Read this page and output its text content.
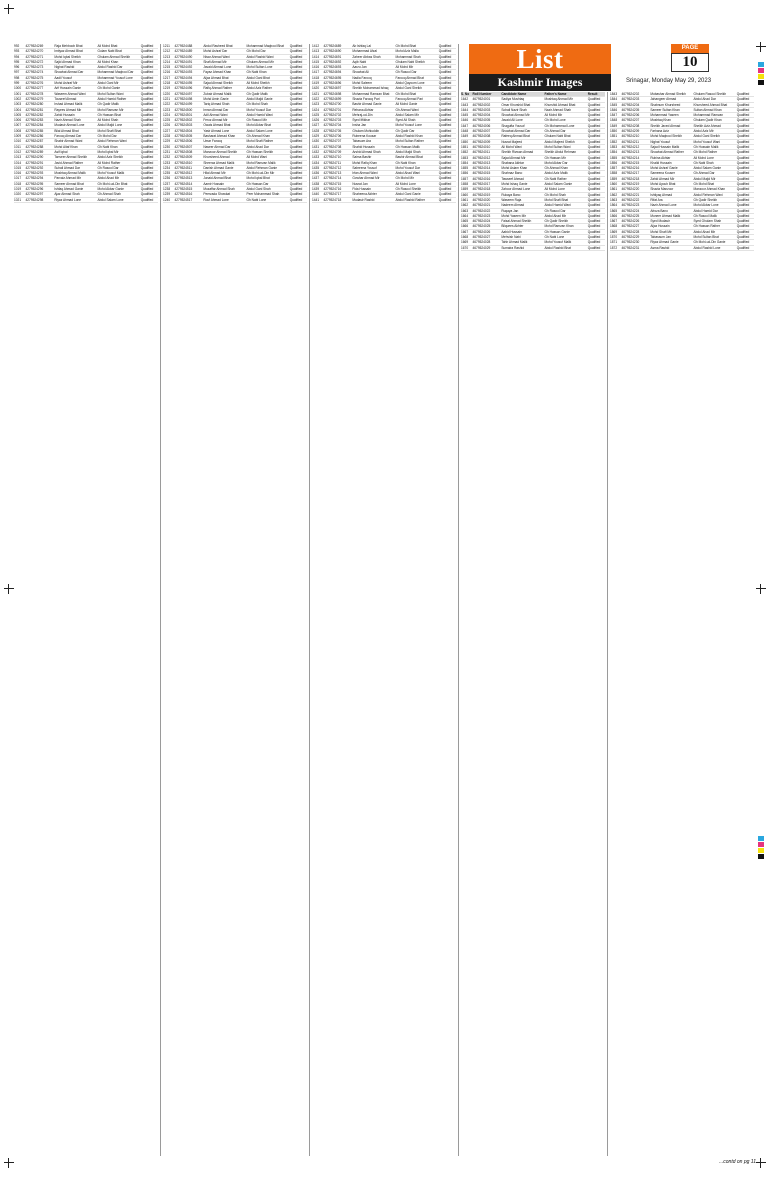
List
Kashmir Images
PAGE
10
Srinagar, Monday May 29, 2023
992	4279524269	Raja Mehboob Bhat	Ali Mohd Bhat	Qualified
993	4279524270	Imtiyaz Ahmad Bhat	Gulam Nabi Bhat	Qualified
994	4279524271	Mohd Iqbal Sheikh	Ghulam Ahmad Sheikh	Qualified
995	4279524272	Sajid Ahmad Khan	Ali Mohd Khan	Qualified
996	4279524273	Nighat Rashid	Abdul Rashid Dar	Qualified
997	4279524274	Showkat Ahmad Dar	Mohammad Maqbool Dar	Qualified
998	4279524275	Aadil Yousuf	Mohammad Yousuf Lone	Qualified
999	4279524276	Mohd Ashraf Mir	Abdul Gani Mir	Qualified
1000	4279524277	Arif Hussain Ganie	Gh Mohd Ganie	Qualified
1001	4279524278	Waseem Ahmad Wani	Mohd Sultan Wani	Qualified
1002	4279524279	Touseef Ahmad	Abdul Hamid Rather	Qualified
1003	4279524280	Irshad Ahmad Malik	Gh Qadir Malik	Qualified
1004	4279524281	Rayees Ahmad Mir	Mohd Ramzan Mir	Qualified
1005	4279524282	Zahid Hussain	Gh Hassan Bhat	Qualified
1006	4279524283	Nazir Ahmad Shah	Ali Mohd Shah	Qualified
1007	4279524284	Mudasir Ahmad Lone	Abdul Majid Lone	Qualified
1008	4279524285	Bilal Ahmad Bhat	Mohd Shafi Bhat	Qualified
1009	4279524286	Farooq Ahmad Dar	Gh Mohd Dar	Qualified
1010	4279524287	Shabir Ahmad Wani	Abdul Rehman Wani	Qualified
1011	4279524288	Mohd Altaf Khan	Gh Nabi Khan	Qualified
1012	4279524289	Asif Iqbal	Mohd Iqbal Mir	Qualified
1013	4279524290	Tanveer Ahmad Sheikh	Abdul Aziz Sheikh	Qualified
1014	4279524291	Javid Ahmad Rather	Ali Mohd Rather	Qualified
1015	4279524292	Suhail Ahmad Dar	Gh Rasool Dar	Qualified
1016	4279524293	Mushtaq Ahmad Malik	Mohd Yousuf Malik	Qualified
1017	4279524294	Parvaiz Ahmad Mir	Abdul Ahad Mir	Qualified
1018	4279524295	Sameer Ahmad Bhat	Gh Mohi-ud-Din Bhat	Qualified
1019	4279524296	Ishfaq Ahmad Ganie	Mohd Akbar Ganie	Qualified
1020	4279524297	Ajaz Ahmad Shah	Gh Ahmad Shah	Qualified
1021	4279524298	Riyaz Ahmad Lone	Abdul Salam Lone	Qualified
1211	4279524488	Abdul Rasheed Bhat	Mohammad Maqbool Bhat	Qualified
1212	4279524489	Mohd Ashraf Dar	Gh Mohd Dar	Qualified
1213	4279524490	Nisar Ahmad Wani	Abdul Rashid Wani	Qualified
1214	4279524491	Shafi Ahmad Mir	Ghulam Ahmad Mir	Qualified
1215	4279524492	Javaid Ahmad Lone	Mohd Sultan Lone	Qualified
1216	4279524493	Fayaz Ahmad Khan	Gh Nabi Khan	Qualified
1217	4279524494	Aijaz Ahmad Bhat	Abdul Gani Bhat	Qualified
1218	4279524495	Sajad Ahmad Sheikh	Ali Mohd Sheikh	Qualified
1219	4279524496	Rafiq Ahmad Rather	Abdul Aziz Rather	Qualified
1220	4279524497	Zubair Ahmad Malik	Gh Qadir Malik	Qualified
1221	4279524498	Mohd Amin Ganie	Abdul Majid Ganie	Qualified
1222	4279524499	Tariq Ahmad Shah	Gh Mohd Shah	Qualified
1223	4279524500	Imran Ahmad Dar	Mohd Yousuf Dar	Qualified
1224	4279524501	Adil Ahmad Wani	Abdul Hamid Wani	Qualified
1225	4279524502	Feroz Ahmad Mir	Gh Rasool Mir	Qualified
1226	4279524503	Owais Ahmad Bhat	Mohd Akbar Bhat	Qualified
1227	4279524504	Yasir Ahmad Lone	Abdul Salam Lone	Qualified
1228	4279524505	Basharat Ahmad Khan	Gh Ahmad Khan	Qualified
1229	4279524506	Umar Farooq	Mohd Shafi Rather	Qualified
1230	4279524507	Naseer Ahmad Dar	Abdul Ahad Dar	Qualified
1231	4279524508	Manzoor Ahmad Sheikh	Gh Hassan Sheikh	Qualified
1232	4279524509	Khursheed Ahmad	Ali Mohd Wani	Qualified
1233	4279524510	Sheeraz Ahmad Malik	Mohd Ramzan Malik	Qualified
1234	4279524511	Danish Ahmad Ganie	Abdul Rehman Ganie	Qualified
1235	4279524512	Hilal Ahmad Mir	Gh Mohi-ud-Din Mir	Qualified
1236	4279524513	Junaid Ahmad Bhat	Mohd Iqbal Bhat	Qualified
1237	4279524514	Aamir Hussain	Gh Hassan Dar	Qualified
1238	4279524515	Muzaffar Ahmad Shah	Abdul Gani Shah	Qualified
1239	4279524516	Peerzada Showkat	Peer Mohammad Shah	Qualified
1240	4279524517	Rouf Ahmad Lone	Gh Nabi Lone	Qualified
1412	4279524689	Ab Ishfaq Lal	Gh Mohd Bhat	Qualified
1413	4279524690	Mohammad Afzal	Mohd Aziz Malla	Qualified
1414	4279524691	Zaheer Abbas Shah	Mohammad Shah	Qualified
1415	4279524692	Aqib Nabi	Ghulam Nabi Sheikh	Qualified
1416	4279524693	Aarzu Jan	Ali Mohd Mir	Qualified
1417	4279524694	Showkat Ali	Gh Rasool Dar	Qualified
1418	4279524695	Nadia Farooq	Farooq Ahmad Bhat	Qualified
1419	4279524696	Mohd Saleem	Abdul Qayoom Lone	Qualified
1420	4279524697	Sheikh Mohammad Ishaq	Abdul Gani Sheikh	Qualified
1421	4279524698	Mohammad Ramzan Bhat	Gh Mohd Bhat	Qualified
1422	4279524699	Shazia Farooq Pari	Farooq Ahmad Pari	Qualified
1423	4279524700	Bashir Ahmad Ganie	Ali Mohd Ganie	Qualified
1424	4279524701	Rehana Akhtar	Gh Ahmad Wani	Qualified
1425	4279524702	Mehraj-ud-Din	Abdul Salam Mir	Qualified
1426	4279524703	Syed Iftikhar	Syed Ali Shah	Qualified
1427	4279524704	Insha Jan	Mohd Yousuf Lone	Qualified
1428	4279524705	Ghulam Mohiuddin	Gh Qadir Dar	Qualified
1429	4279524706	Rubeena Kousar	Abdul Rashid Khan	Qualified
1430	4279524707	Tabasum Ara	Mohd Sultan Rather	Qualified
1431	4279524708	Shahid Hussain	Gh Hassan Malik	Qualified
1432	4279524709	Arshid Ahmad Shah	Abdul Majid Shah	Qualified
1433	4279524710	Saima Bashir	Bashir Ahmad Bhat	Qualified
1434	4279524711	Mohd Rafiq Khan	Gh Nabi Khan	Qualified
1435	4279524712	Sabreena Yousuf	Mohd Yousuf Dar	Qualified
1436	4279524713	Irfan Ahmad Wani	Abdul Ahad Wani	Qualified
1437	4279524714	Gowhar Ahmad Mir	Gh Mohd Mir	Qualified
1438	4279524715	Nusrat Jan	Ali Mohd Lone	Qualified
1439	4279524716	Fida Hussain	Gh Rasool Sheikh	Qualified
1440	4279524717	Shaheena Akhter	Abdul Gani Ganie	Qualified
1441	4279524718	Mudasir Rashid	Abdul Rashid Rather	Qualified
S. No	Roll Number	Candidate Name	Father's Name	Result
1642	4679524001	Sadiya Mushtaq	Mushtaq Ahmad Mir	Qualified
1643	4679524002	Omar Khurshid Bhat	Khurshid Ahmad Bhat	Qualified
1644	4679524003	Sohail Nazir Shah	Nazir Ahmad Shah	Qualified
1645	4679524004	Showkat Ahmad Mir	Ali Mohd Mir	Qualified
1646	4679524005	Javaid Ali Lone	Gh Mohd Lone	Qualified
1647	4679524006	Shagufta Yousuf	Gh Mohammad Lone	Qualified
1648	4679524007	Showkat Ahmad Dar	Gh Ahmad Dar	Qualified
1649	4679524008	Rafeeq Ahmad Bhat	Ghulam Nabi Bhat	Qualified
1650	4679524009	Nusrat Majeed	Abdul Majeed Sheikh	Qualified
1651	4679524010	Ali Mohd Wani	Mohd Sultan Wani	Qualified
1652	4679524011	Sheikh Rizwan Ahmad	Sheikh Abdul Rehman	Qualified
1653	4679524012	Sajad Ahmad Mir	Gh Hassan Mir	Qualified
1654	4679524013	Shabana Akhtar	Mohd Akbar Dar	Qualified
1655	4679524014	Mohd Aslam Khan	Gh Ahmad Khan	Qualified
1656	4679524015	Shahnaz Bano	Abdul Aziz Malik	Qualified
1657	4679524016	Tawseef Ahmad	Gh Nabi Rather	Qualified
1658	4679524017	Mohd Ishaq Ganie	Abdul Salam Ganie	Qualified
1659	4679524018	Zahoor Ahmad Lone	Ali Mohd Lone	Qualified
1660	4679524019	Rukaya Bano	Gh Mohd Shah	Qualified
1661	4679524020	Waseem Raja	Mohd Shafi Bhat	Qualified
1662	4679524021	Nadeem Ahmad	Abdul Hamid Wani	Qualified
1663	4679524022	Ruqaya Jan	Gh Rasool Dar	Qualified
1664	4679524023	Mohd Yaseen Mir	Abdul Ahad Mir	Qualified
1665	4679524024	Faisal Ahmad Sheikh	Gh Qadir Sheikh	Qualified
1666	4679524025	Bilquees Akhter	Mohd Ramzan Khan	Qualified
1667	4679524026	Aabid Hussain	Gh Hassan Ganie	Qualified
1668	4679524027	Mehvish Nabi	Gh Nabi Lone	Qualified
1669	4679524028	Tahir Ahmad Malik	Mohd Yousuf Malik	Qualified
1670	4679524029	Sumaira Rashid	Abdul Rashid Bhat	Qualified
1843	4679524202	Mubashar Ahmad Sheikh	Ghulam Rasool Sheikh	Qualified
1844	4679524203	Jahangeer Ahmad	Abdul Ahad Dar	Qualified
1845	4679524204	Shabnum Khursheed	Khursheed Ahmad Bhat	Qualified
1846	4679524205	Sameer Sultan Khan	Sultan Ahmad Khan	Qualified
1847	4679524206	Mohammad Yaseen	Mohammad Ramzan	Qualified
1848	4679524207	Mushtaq Khan	Ghulam Qadir Khan	Qualified
1849	4679524208	Sheikh Javed Ahmad	Sheikh Aziz Ahmad	Qualified
1850	4679524209	Farhana Aziz	Abdul Aziz Mir	Qualified
1851	4679524210	Mohd Maqbool Sheikh	Abdul Gani Sheikh	Qualified
1852	4679524211	Nighat Yousuf	Mohd Yousuf Wani	Qualified
1853	4679524212	Sajad Hussain Malik	Gh Hussain Malik	Qualified
1854	4679524213	Showkat Ahmad Rather	Gh Mohd Rather	Qualified
1855	4679524214	Rubina Akhtar	Ali Mohd Lone	Qualified
1856	4679524215	Khalid Hussain	Gh Nabi Shah	Qualified
1857	4679524216	Mohd Ashraf Ganie	Abdul Salam Ganie	Qualified
1858	4679524217	Sameena Kouser	Gh Ahmad Dar	Qualified
1859	4679524218	Zahid Ahmad Mir	Abdul Majid Mir	Qualified
1860	4679524219	Mohd Ayoub Bhat	Gh Mohd Bhat	Qualified
1861	4679524220	Shazia Manzoor	Manzoor Ahmad Khan	Qualified
1862	4679524221	Ishtiyaq Ahmad	Abdul Rehman Wani	Qualified
1863	4679524222	Rifat Ara	Gh Qadir Sheikh	Qualified
1864	4679524223	Nazir Ahmad Lone	Mohd Akbar Lone	Qualified
1865	4679524224	Afroza Bano	Abdul Hamid Dar	Qualified
1866	4679524225	Muneer Ahmad Malik	Gh Rasool Malik	Qualified
1867	4679524226	Syed Mudasir	Syed Ghulam Shah	Qualified
1868	4679524227	Aijaz Hussain	Gh Hassan Rather	Qualified
1869	4679524228	Mohd Shafi Mir	Abdul Ahad Mir	Qualified
1870	4679524229	Tabassum Jan	Mohd Sultan Bhat	Qualified
1871	4679524230	Riyaz Ahmad Ganie	Gh Mohi-ud-Din Ganie	Qualified
1872	4679524231	Asma Rashid	Abdul Rashid Lone	Qualified
...contd on pg 11
